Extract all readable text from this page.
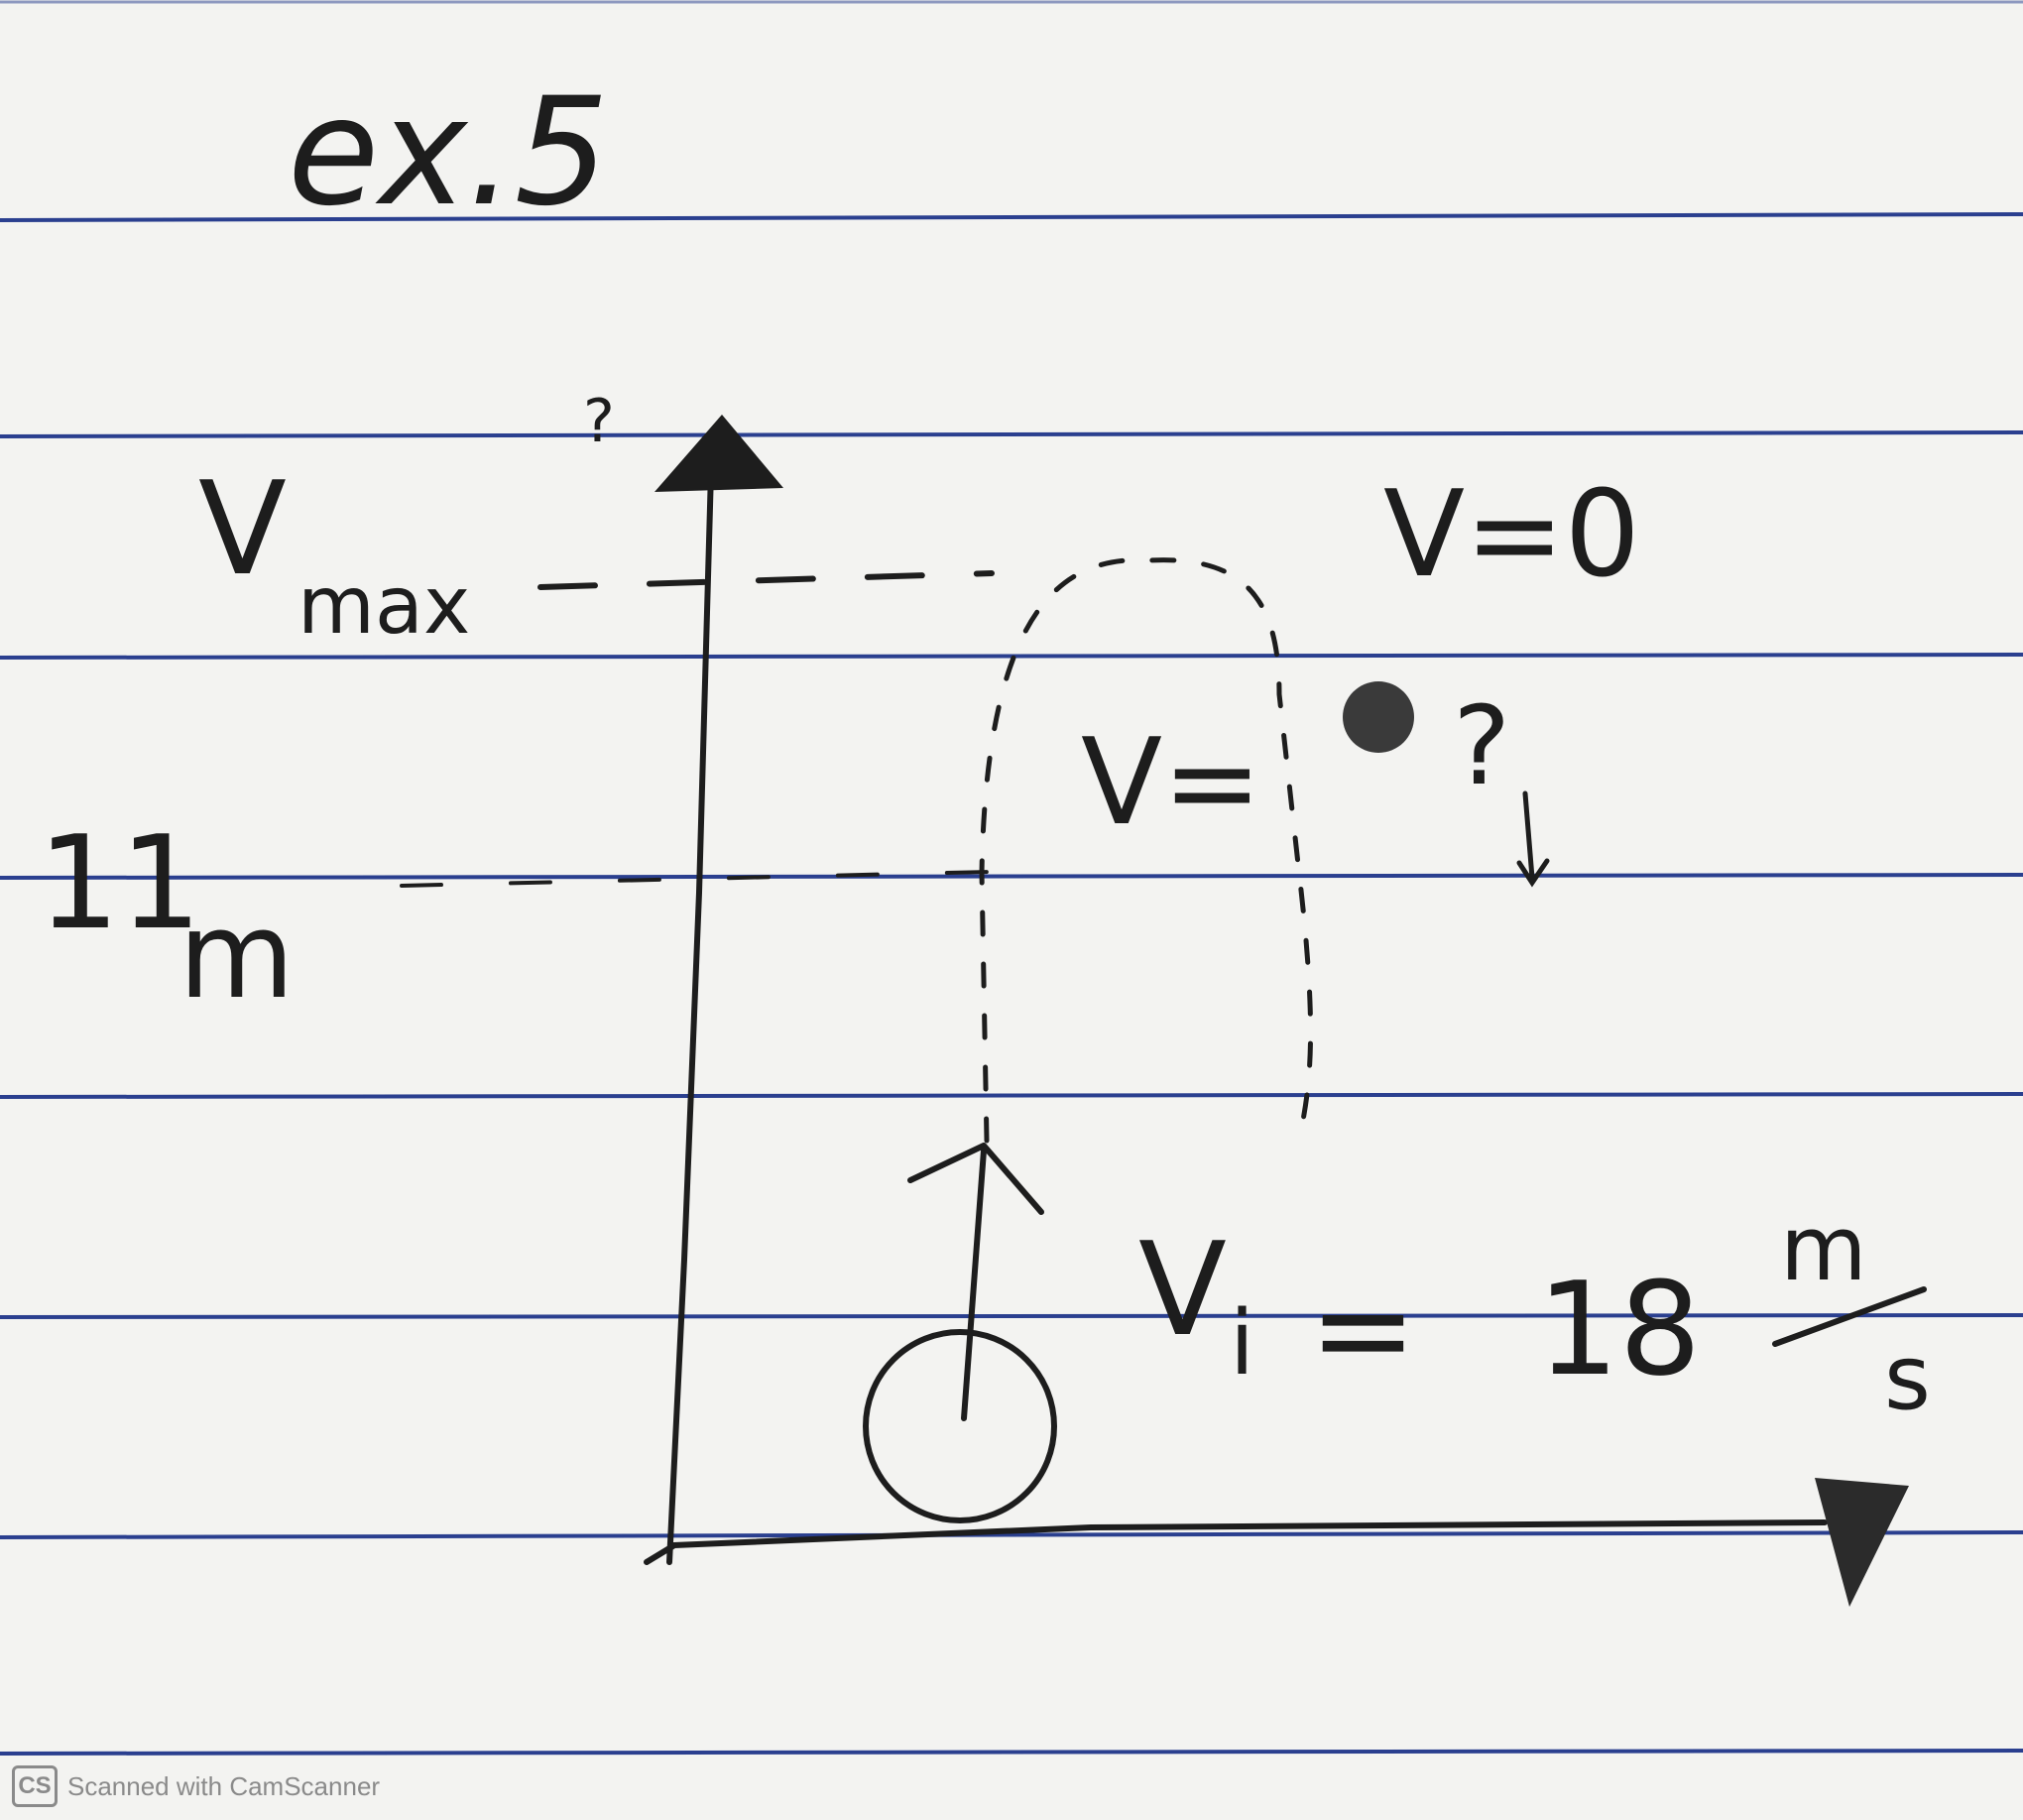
ex.5
V
max
?
V=0
V= ?
11
m
V i = 18
m
s
CS Scanned with CamScanner
